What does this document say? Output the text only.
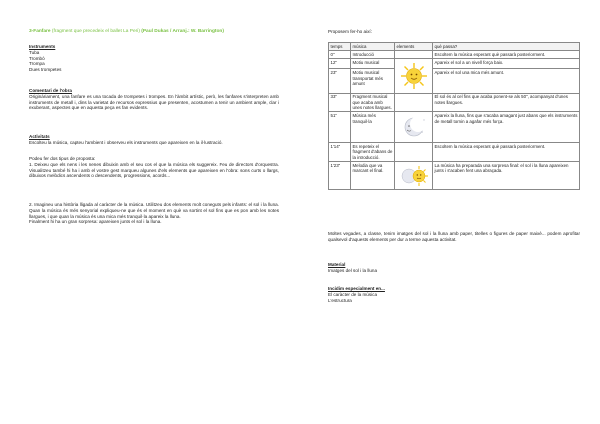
3-Fanfare (fragment que precedeix el ballet La Peri) (Paul Dukas / Arranj.: W. Barrington)

Instruments

Tuba

Trombó

Trompa

Dues trompetes

Comentari de l'obra

Originàriament, una fanfare es una tocada de trompetes i trompes. En l'àmbit artístic, però, les fanfares s'interpreten amb instruments de metall i, dins la varietat de recursos expressius que presenten, acostumen a tenir un ambient ample, clar i exuberant, aspectes que en aquesta peça es fan evidents.

Activitats

Escolteu la música, capteu l'ambient i observeu els instruments que apareixen en la il·lustració.

Podeu fer dos tipus de proposta:

1. Deixeu que els nens i les nenes dibuixin amb el seu cos el que la música els suggereix. Feu de directors d'orquestra. Visualitzeu també hi ha i amb el vostre gest marqueu algunes d'els elements que apareixen en l'obra: sons curts o llargs, dibuixos melòdics ascendents o descendents, progressions, acords...

2. Imagineu una història lligada al caràcter de la música. Utilitzeu dos elements molt coneguts pels infants: el sol i la lluna. Quan la música és més senyorial expliqueu-ne que és el moment en què va sortint el sol fins que es pon amb les notes llargues, i que quan la música és una mica més tranquil·la apareix la lluna.

Finalment hi ha un gran sorpresa: apareixen junts el sol i la lluna.

Proposem fer-ho així:

temps	música	elements	què passa?
0"	Introducció		Escoltem la música esperant què passarà posteriorment.
12"	Motiu musical		Apareix el sol a un nivell força baix.
23"	Motiu musical transportat més amunt		Apareix el sol una mica més amunt.
33"	Fragment musical que acaba amb unes notes llargues.		El sol és al cel fins que acaba ponent-se als 50", acompanyat d'unes notes llargues.
51"	Música més tranquil·la		Apareix la lluna, fins que s'acaba amagant just abans que els instruments de metall tornin a agafar més força.
1'14"	Es repeteix el fragment d'abans de la introducció.		Escoltem la música esperant què passarà posteriorment.
1'23"	Melodia que va marcant el final.		La música ha preparada una sorpresa final: el sol i la lluna apareixen junts i s'acaben fent una abraçada.

Moltes vegades, a classe, tenim imatges del sol i la lluna amb paper, titelles o figures de paper maixè... podem aprofitar qualsevol d'aquests elements per dur a terme aquesta activitat.

Material

Imatges del sol i la lluna

Incidim especialment en...

El caràcter de la música

L'estructura
